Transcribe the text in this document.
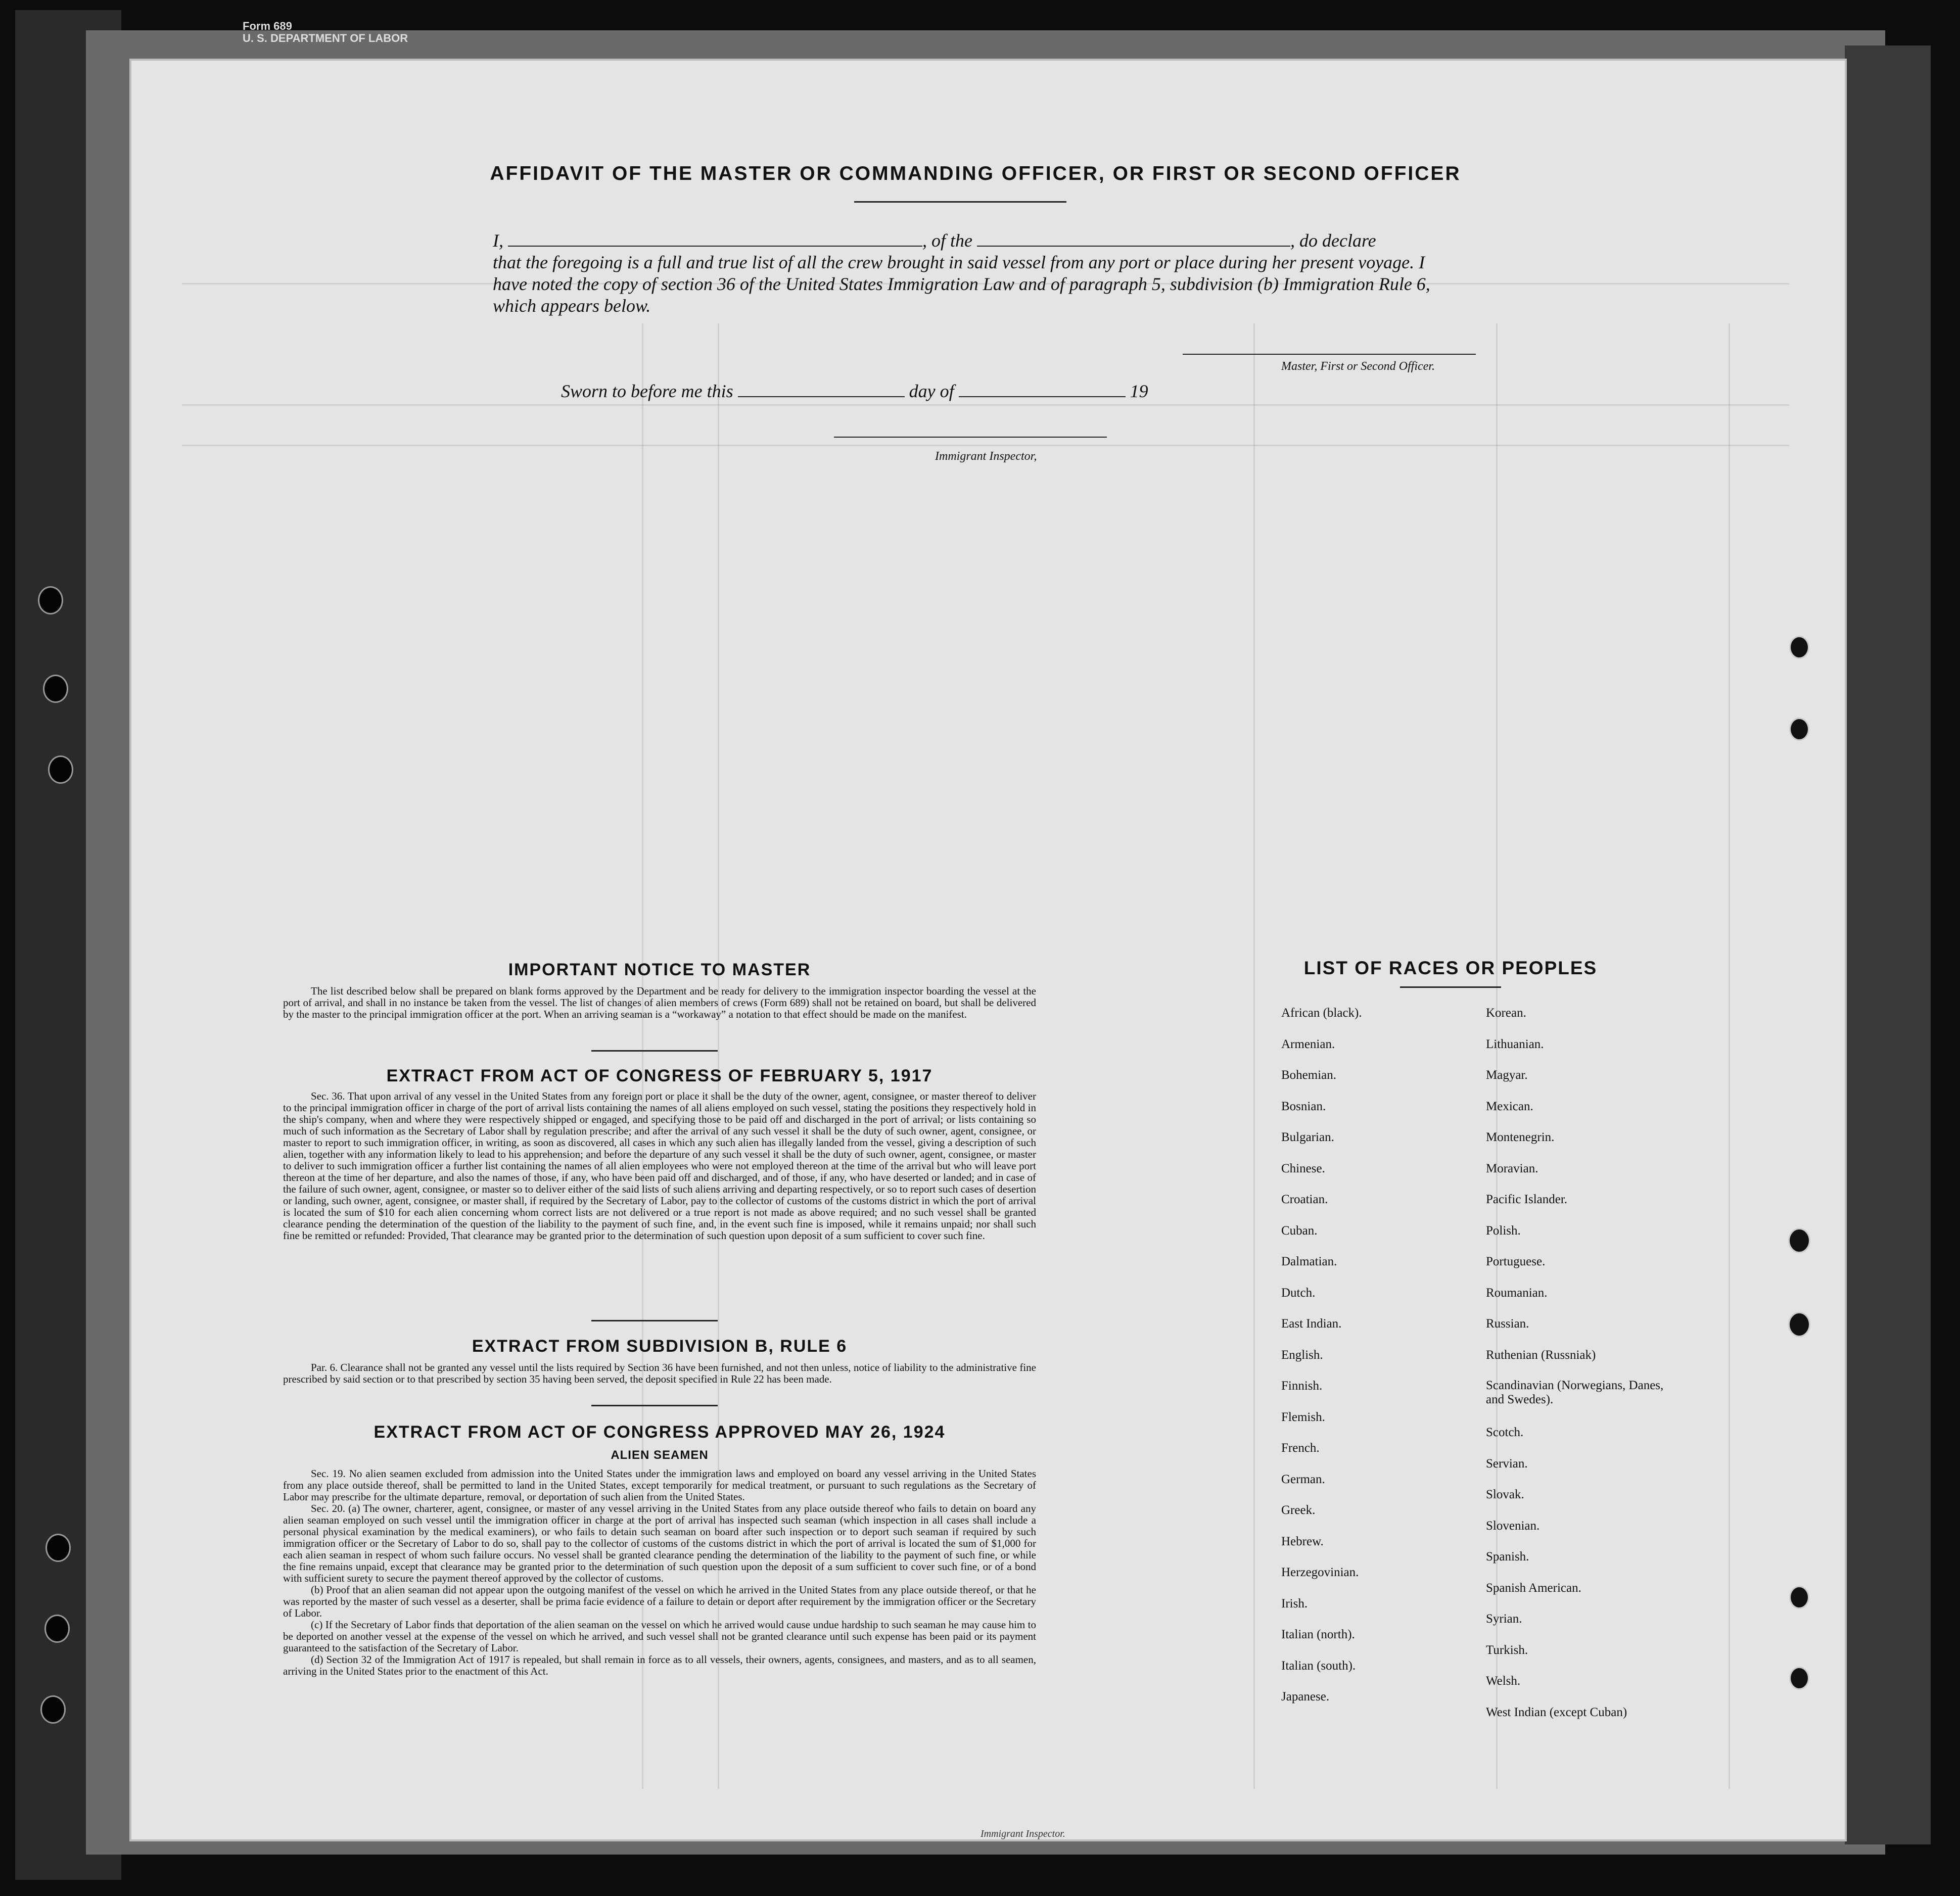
Form 689
U. S. DEPARTMENT OF LABOR
AFFIDAVIT OF THE MASTER OR COMMANDING OFFICER, OR FIRST OR SECOND OFFICER
I,	, of the	, do declare
that the foregoing is a full and true list of all the crew brought in said vessel from any port or place during her present voyage. I have noted the copy of section 36 of the United States Immigration Law and of paragraph 5, subdivision (b) Immigration Rule 6, which appears below.
Master, First or Second Officer.
Sworn to before me this	day of	19
Immigrant Inspector,
IMPORTANT NOTICE TO MASTER

The list described below shall be prepared on blank forms approved by the Department and be ready for delivery to the immigration inspector boarding the vessel at the port of arrival, and shall in no instance be taken from the vessel. The list of changes of alien members of crews (Form 689) shall not be retained on board, but shall be delivered by the master to the principal immigration officer at the port. When an arriving seaman is a “workaway” a notation to that effect should be made on the manifest.

EXTRACT FROM ACT OF CONGRESS OF FEBRUARY 5, 1917

Sec. 36. That upon arrival of any vessel in the United States from any foreign port or place it shall be the duty of the owner, agent, consignee, or master thereof to deliver to the principal immigration officer in charge of the port of arrival lists containing the names of all aliens employed on such vessel, stating the positions they respectively hold in the ship's company, when and where they were respectively shipped or engaged, and specifying those to be paid off and discharged in the port of arrival; or lists containing so much of such information as the Secretary of Labor shall by regulation prescribe; and after the arrival of any such vessel it shall be the duty of such owner, agent, consignee, or master to report to such immigration officer, in writing, as soon as discovered, all cases in which any such alien has illegally landed from the vessel, giving a description of such alien, together with any information likely to lead to his apprehension; and before the departure of any such vessel it shall be the duty of such owner, agent, consignee, or master to deliver to such immigration officer a further list containing the names of all alien employees who were not employed thereon at the time of the arrival but who will leave port thereon at the time of her departure, and also the names of those, if any, who have been paid off and discharged, and of those, if any, who have deserted or landed; and in case of the failure of such owner, agent, consignee, or master so to deliver either of the said lists of such aliens arriving and departing respectively, or so to report such cases of desertion or landing, such owner, agent, consignee, or master shall, if required by the Secretary of Labor, pay to the collector of customs of the customs district in which the port of arrival is located the sum of $10 for each alien concerning whom correct lists are not delivered or a true report is not made as above required; and no such vessel shall be granted clearance pending the determination of the question of the liability to the payment of such fine, and, in the event such fine is imposed, while it remains unpaid; nor shall such fine be remitted or refunded: Provided, That clearance may be granted prior to the determination of such question upon deposit of a sum sufficient to cover such fine.

EXTRACT FROM SUBDIVISION B, RULE 6

Par. 6. Clearance shall not be granted any vessel until the lists required by Section 36 have been furnished, and not then unless, notice of liability to the administrative fine prescribed by said section or to that prescribed by section 35 having been served, the deposit specified in Rule 22 has been made.

EXTRACT FROM ACT OF CONGRESS APPROVED MAY 26, 1924
ALIEN SEAMEN

Sec. 19. No alien seamen excluded from admission into the United States under the immigration laws and employed on board any vessel arriving in the United States from any place outside thereof, shall be permitted to land in the United States, except temporarily for medical treatment, or pursuant to such regulations as the Secretary of Labor may prescribe for the ultimate departure, removal, or deportation of such alien from the United States.

Sec. 20. (a) The owner, charterer, agent, consignee, or master of any vessel arriving in the United States from any place outside thereof who fails to detain on board any alien seaman employed on such vessel until the immigration officer in charge at the port of arrival has inspected such seaman (which inspection in all cases shall include a personal physical examination by the medical examiners), or who fails to detain such seaman on board after such inspection or to deport such seaman if required by such immigration officer or the Secretary of Labor to do so, shall pay to the collector of customs of the customs district in which the port of arrival is located the sum of $1,000 for each alien seaman in respect of whom such failure occurs. No vessel shall be granted clearance pending the determination of the liability to the payment of such fine, or while the fine remains unpaid, except that clearance may be granted prior to the determination of such question upon the deposit of a sum sufficient to cover such fine, or of a bond with sufficient surety to secure the payment thereof approved by the collector of customs.

(b) Proof that an alien seaman did not appear upon the outgoing manifest of the vessel on which he arrived in the United States from any place outside thereof, or that he was reported by the master of such vessel as a deserter, shall be prima facie evidence of a failure to detain or deport after requirement by the immigration officer or the Secretary of Labor.

(c) If the Secretary of Labor finds that deportation of the alien seaman on the vessel on which he arrived would cause undue hardship to such seaman he may cause him to be deported on another vessel at the expense of the vessel on which he arrived, and such vessel shall not be granted clearance until such expense has been paid or its payment guaranteed to the satisfaction of the Secretary of Labor.

(d) Section 32 of the Immigration Act of 1917 is repealed, but shall remain in force as to all vessels, their owners, agents, consignees, and masters, and as to all seamen, arriving in the United States prior to the enactment of this Act.

LIST OF RACES OR PEOPLES
African (black).
Armenian.
Bohemian.
Bosnian.
Bulgarian.
Chinese.
Croatian.
Cuban.
Dalmatian.
Dutch.
East Indian.
English.
Finnish.
Flemish.
French.
German.
Greek.
Hebrew.
Herzegovinian.
Irish.
Italian (north).
Italian (south).
Japanese.
Korean.
Lithuanian.
Magyar.
Mexican.
Montenegrin.
Moravian.
Pacific Islander.
Polish.
Portuguese.
Roumanian.
Russian.
Ruthenian (Russniak)
Scandinavian (Norwegians, Danes, and Swedes).
Scotch.
Servian.
Slovak.
Slovenian.
Spanish.
Spanish American.
Syrian.
Turkish.
Welsh.
West Indian (except Cuban)
Immigrant Inspector.
